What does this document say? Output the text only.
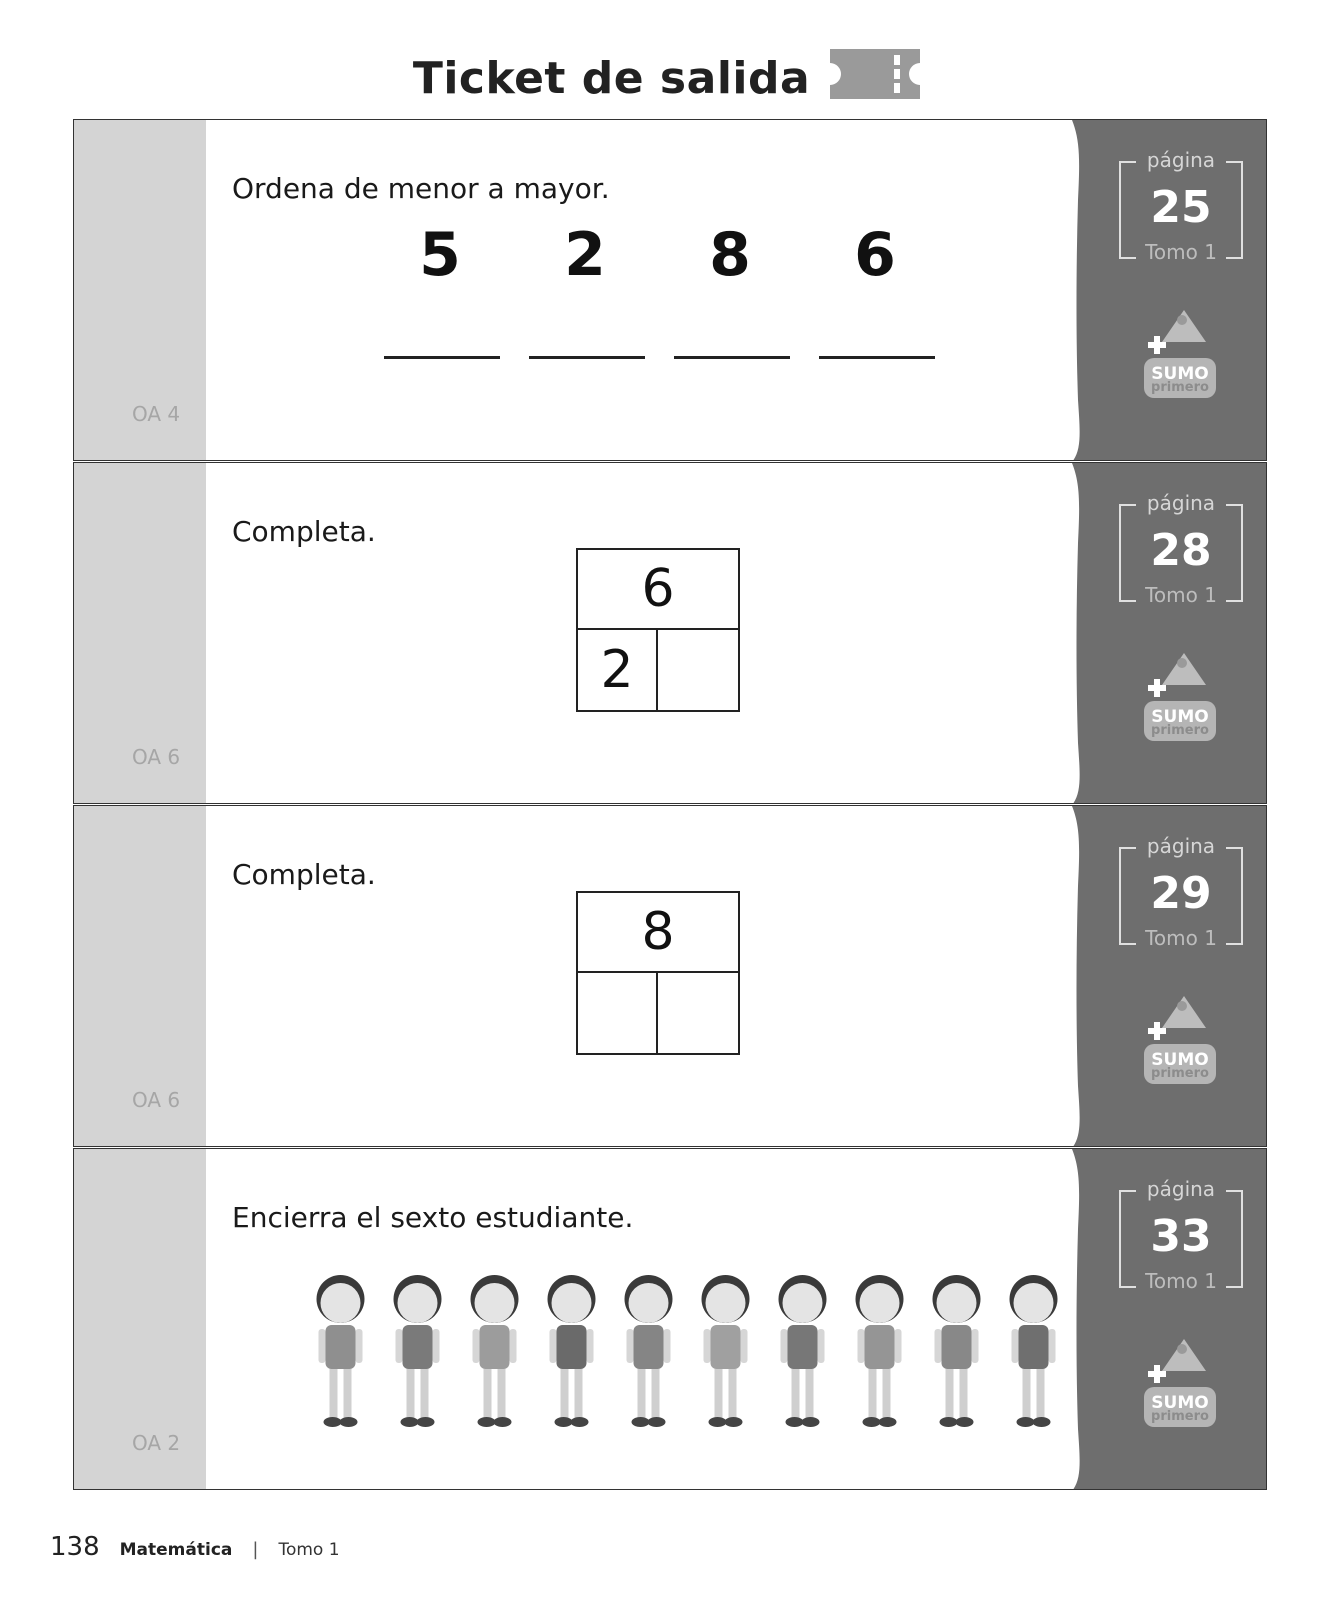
Ticket de salida
OA 4
página
25
Tomo 1
SUMO
primero
Ordena de menor a mayor.
5	2	8	6
OA 6
página
28
Tomo 1
SUMO
primero
Completa.
6
2
OA 6
página
29
Tomo 1
SUMO
primero
Completa.
8
OA 2
página
33
Tomo 1
SUMO
primero
Encierra el sexto estudiante.
138 Matemática | Tomo 1
